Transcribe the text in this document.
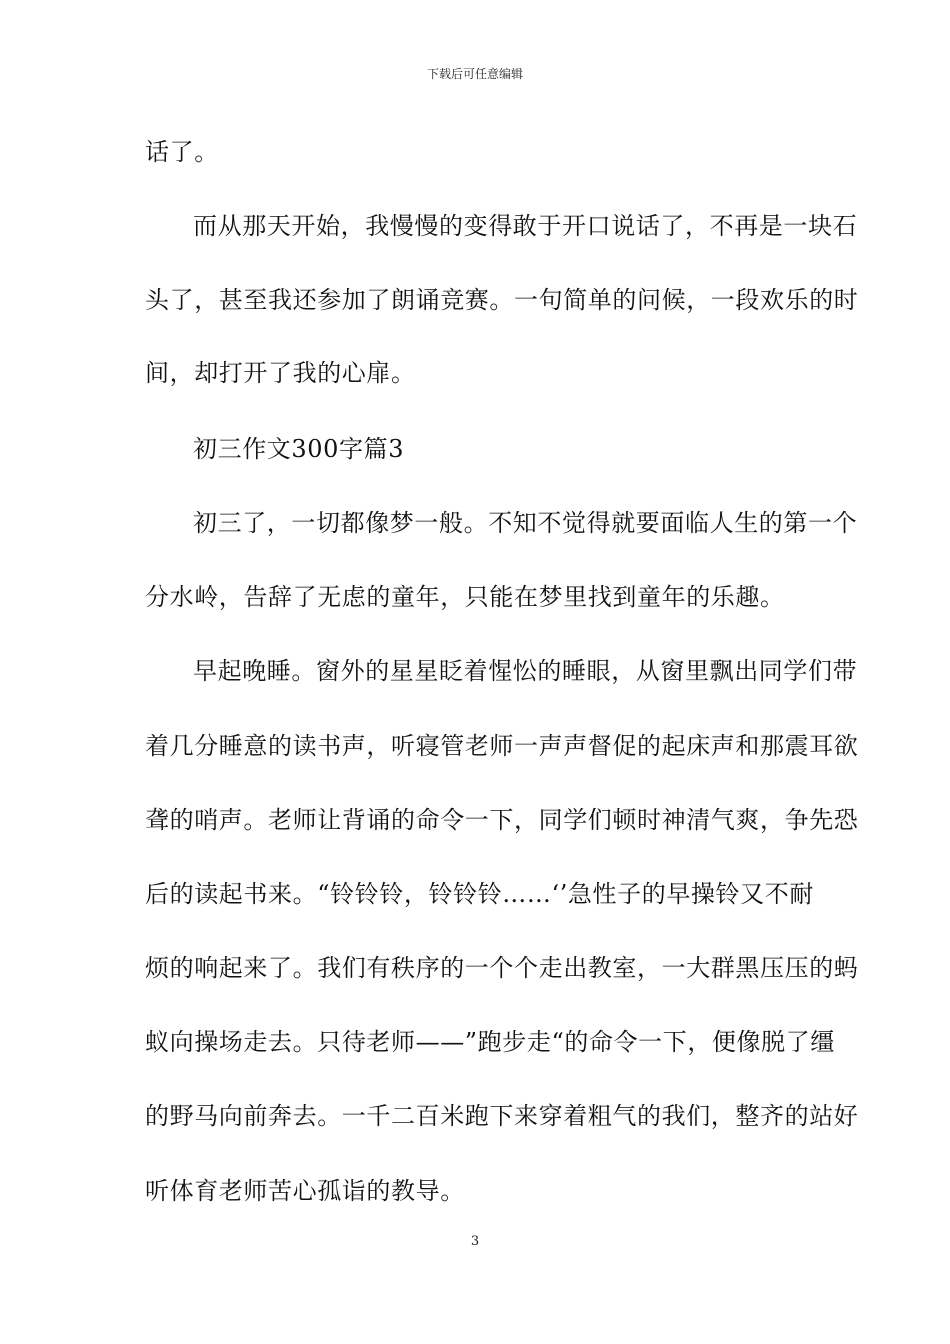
下载后可任意编辑
话了。
而从那天开始，我慢慢的变得敢于开口说话了，不再是一块石
头了，甚至我还参加了朗诵竞赛。一句简单的问候，一段欢乐的时
间，却打开了我的心扉。
初三作文300字篇3
初三了，一切都像梦一般。不知不觉得就要面临人生的第一个
分水岭，告辞了无虑的童年，只能在梦里找到童年的乐趣。
早起晚睡。窗外的星星眨着惺忪的睡眼，从窗里飘出同学们带
着几分睡意的读书声，听寝管老师一声声督促的起床声和那震耳欲
聋的哨声。老师让背诵的命令一下，同学们顿时神清气爽，争先恐
后的读起书来。“铃铃铃，铃铃铃……‘’急性子的早操铃又不耐
烦的响起来了。我们有秩序的一个个走出教室，一大群黑压压的蚂
蚁向操场走去。只待老师——”跑步走“的命令一下，便像脱了缰
的野马向前奔去。一千二百米跑下来穿着粗气的我们，整齐的站好
听体育老师苦心孤诣的教导。
3
